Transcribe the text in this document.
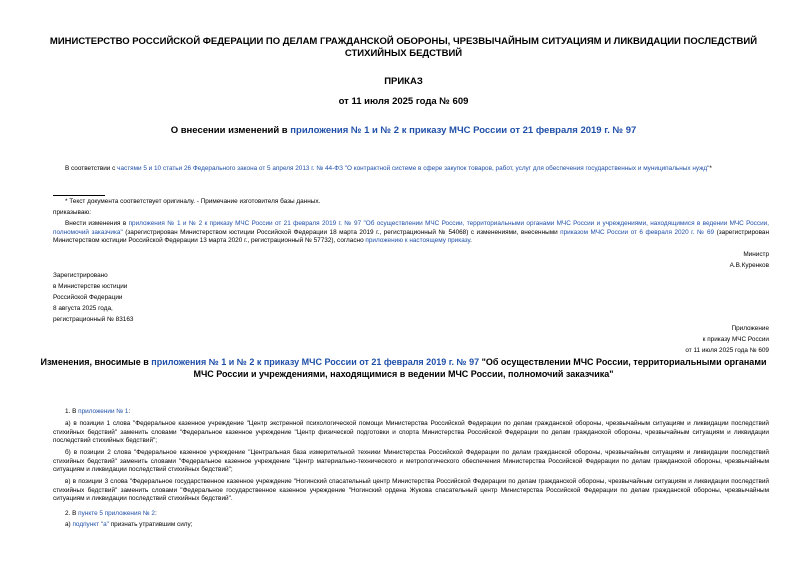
МИНИСТЕРСТВО РОССИЙСКОЙ ФЕДЕРАЦИИ ПО ДЕЛАМ ГРАЖДАНСКОЙ ОБОРОНЫ, ЧРЕЗВЫЧАЙНЫМ СИТУАЦИЯМ И ЛИКВИДАЦИИ ПОСЛЕДСТВИЙ СТИХИЙНЫХ БЕДСТВИЙ
ПРИКАЗ
от 11 июля 2025 года № 609
О внесении изменений в приложения № 1 и № 2 к приказу МЧС России от 21 февраля 2019 г. № 97
В соответствии с частями 5 и 10 статьи 26 Федерального закона от 5 апреля 2013 г. № 44-ФЗ "О контрактной системе в сфере закупок товаров, работ, услуг для обеспечения государственных и муниципальных нужд"*
* Текст документа соответствует оригиналу. - Примечание изготовителя базы данных.
приказываю:
Внести изменения в приложения № 1 и № 2 к приказу МЧС России от 21 февраля 2019 г. № 97 "Об осуществлении МЧС России, территориальными органами МЧС России и учреждениями, находящимися в ведении МЧС России, полномочий заказчика" (зарегистрирован Министерством юстиции Российской Федерации 18 марта 2019 г., регистрационный № 54068) с изменениями, внесенными приказом МЧС России от 6 февраля 2020 г. № 69 (зарегистрирован Министерством юстиции Российской Федерации 13 марта 2020 г., регистрационный № 57732), согласно приложению к настоящему приказу.
Министр
А.В.Куренков
Зарегистрировано
в Министерстве юстиции
Российской Федерации
8 августа 2025 года,
регистрационный № 83163
Приложение
к приказу МЧС России
от 11 июля 2025 года № 609
Изменения, вносимые в приложения № 1 и № 2 к приказу МЧС России от 21 февраля 2019 г. № 97 "Об осуществлении МЧС России, территориальными органами МЧС России и учреждениями, находящимися в ведении МЧС России, полномочий заказчика"
1. В приложении № 1:
а) в позиции 1 слова "Федеральное казенное учреждение "Центр экстренной психологической помощи Министерства Российской Федерации по делам гражданской обороны, чрезвычайным ситуациям и ликвидации последствий стихийных бедствий" заменить словами "Федеральное казенное учреждение "Центр физической подготовки и спорта Министерства Российской Федерации по делам гражданской обороны, чрезвычайным ситуациям и ликвидации последствий стихийных бедствий";
б) в позиции 2 слова "Федеральное казенное учреждение "Центральная база измерительной техники Министерства Российской Федерации по делам гражданской обороны, чрезвычайным ситуациям и ликвидации последствий стихийных бедствий" заменить словами "Федеральное казенное учреждение "Центр материально-технического и метрологического обеспечения Министерства Российской Федерации по делам гражданской обороны, чрезвычайным ситуациям и ликвидации последствий стихийных бедствий";
в) в позиции 3 слова "Федеральное государственное казенное учреждение "Ногинский спасательный центр Министерства Российской Федерации по делам гражданской обороны, чрезвычайным ситуациям и ликвидации последствий стихийных бедствий" заменить словами "Федеральное государственное казенное учреждение "Ногинский ордена Жукова спасательный центр Министерства Российской Федерации по делам гражданской обороны, чрезвычайным ситуациям и ликвидации последствий стихийных бедствий".
2. В пункте 5 приложения № 2:
а) подпункт "а" признать утратившим силу;
